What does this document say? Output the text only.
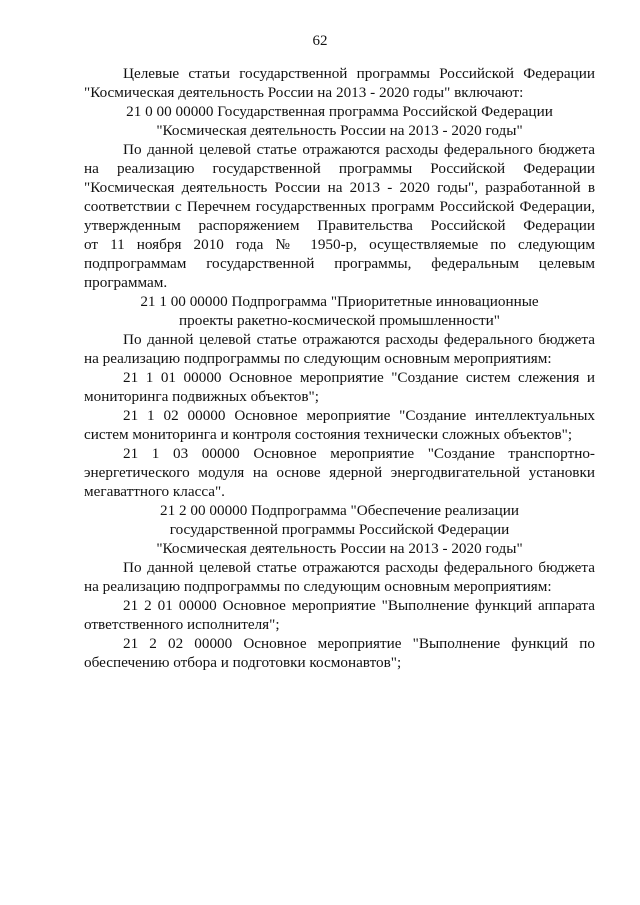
62

Целевые статьи государственной программы Российской Федерации
"Космическая деятельность России на 2013 - 2020 годы" включают:

21 0 00 00000 Государственная программа Российской Федерации
"Космическая деятельность России на 2013 - 2020 годы"

По данной целевой статье отражаются расходы федерального бюджета
на реализацию государственной программы Российской Федерации
"Космическая деятельность России на 2013 - 2020 годы", разработанной в
соответствии с Перечнем государственных программ Российской Федерации,
утвержденным распоряжением Правительства Российской Федерации
от 11 ноября 2010 года № 1950-р, осуществляемые по следующим
подпрограммам государственной программы, федеральным целевым
программам.

21 1 00 00000 Подпрограмма "Приоритетные инновационные
проекты ракетно-космической промышленности"

По данной целевой статье отражаются расходы федерального бюджета
на реализацию подпрограммы по следующим основным мероприятиям:

21 1 01 00000 Основное мероприятие "Создание систем слежения и
мониторинга подвижных объектов";

21 1 02 00000 Основное мероприятие "Создание интеллектуальных
систем мониторинга и контроля состояния технически сложных объектов";

21 1 03 00000 Основное мероприятие "Создание транспортно-
энергетического модуля на основе ядерной энергодвигательной установки
мегаваттного класса".

21 2 00 00000 Подпрограмма "Обеспечение реализации
государственной программы Российской Федерации
"Космическая деятельность России на 2013 - 2020 годы"

По данной целевой статье отражаются расходы федерального бюджета
на реализацию подпрограммы по следующим основным мероприятиям:

21 2 01 00000 Основное мероприятие "Выполнение функций аппарата
ответственного исполнителя";

21 2 02 00000 Основное мероприятие "Выполнение функций по
обеспечению отбора и подготовки космонавтов";
